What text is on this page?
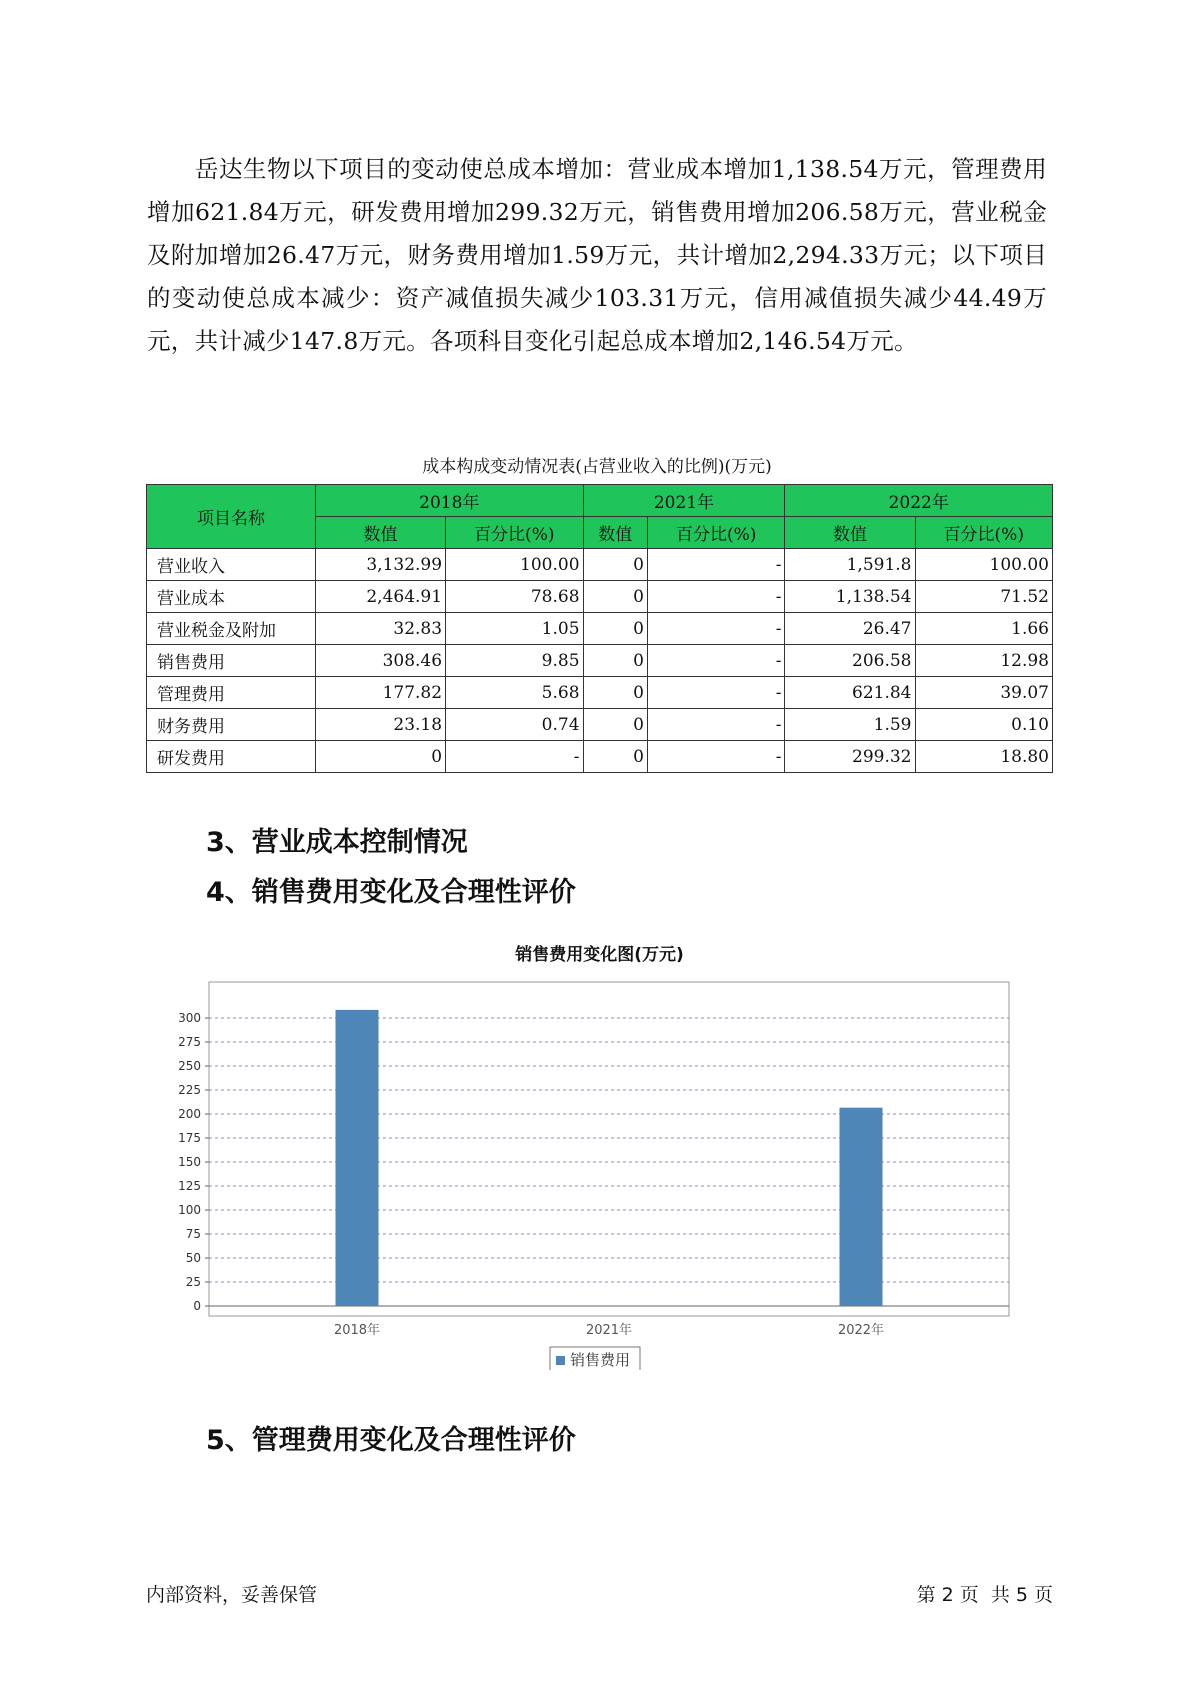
岳达生物以下项目的变动使总成本增加：营业成本增加1,138.54万元，管理费用增加621.84万元，研发费用增加299.32万元，销售费用增加206.58万元，营业税金及附加增加26.47万元，财务费用增加1.59万元，共计增加2,294.33万元；以下项目的变动使总成本减少：资产减值损失减少103.31万元，信用减值损失减少44.49万元，共计减少147.8万元。各项科目变化引起总成本增加2,146.54万元。
成本构成变动情况表(占营业收入的比例)(万元)
项目名称	2018年		2021年		2022年	
	数值	百分比(%)	数值	百分比(%)	数值	百分比(%)
营业收入	3,132.99	100.00	0	-	1,591.8	100.00
营业成本	2,464.91	78.68	0	-	1,138.54	71.52
营业税金及附加	32.83	1.05	0	-	26.47	1.66
销售费用	308.46	9.85	0	-	206.58	12.98
管理费用	177.82	5.68	0	-	621.84	39.07
财务费用	23.18	0.74	0	-	1.59	0.10
研发费用	0	-	0	-	299.32	18.80
3、营业成本控制情况
4、销售费用变化及合理性评价
销售费用变化图(万元)
0
25
50
75
100
125
150
175
200
225
250
275
300
2018年	2021年	2022年
销售费用
5、管理费用变化及合理性评价
内部资料，妥善保管	第 2 页  共 5 页
